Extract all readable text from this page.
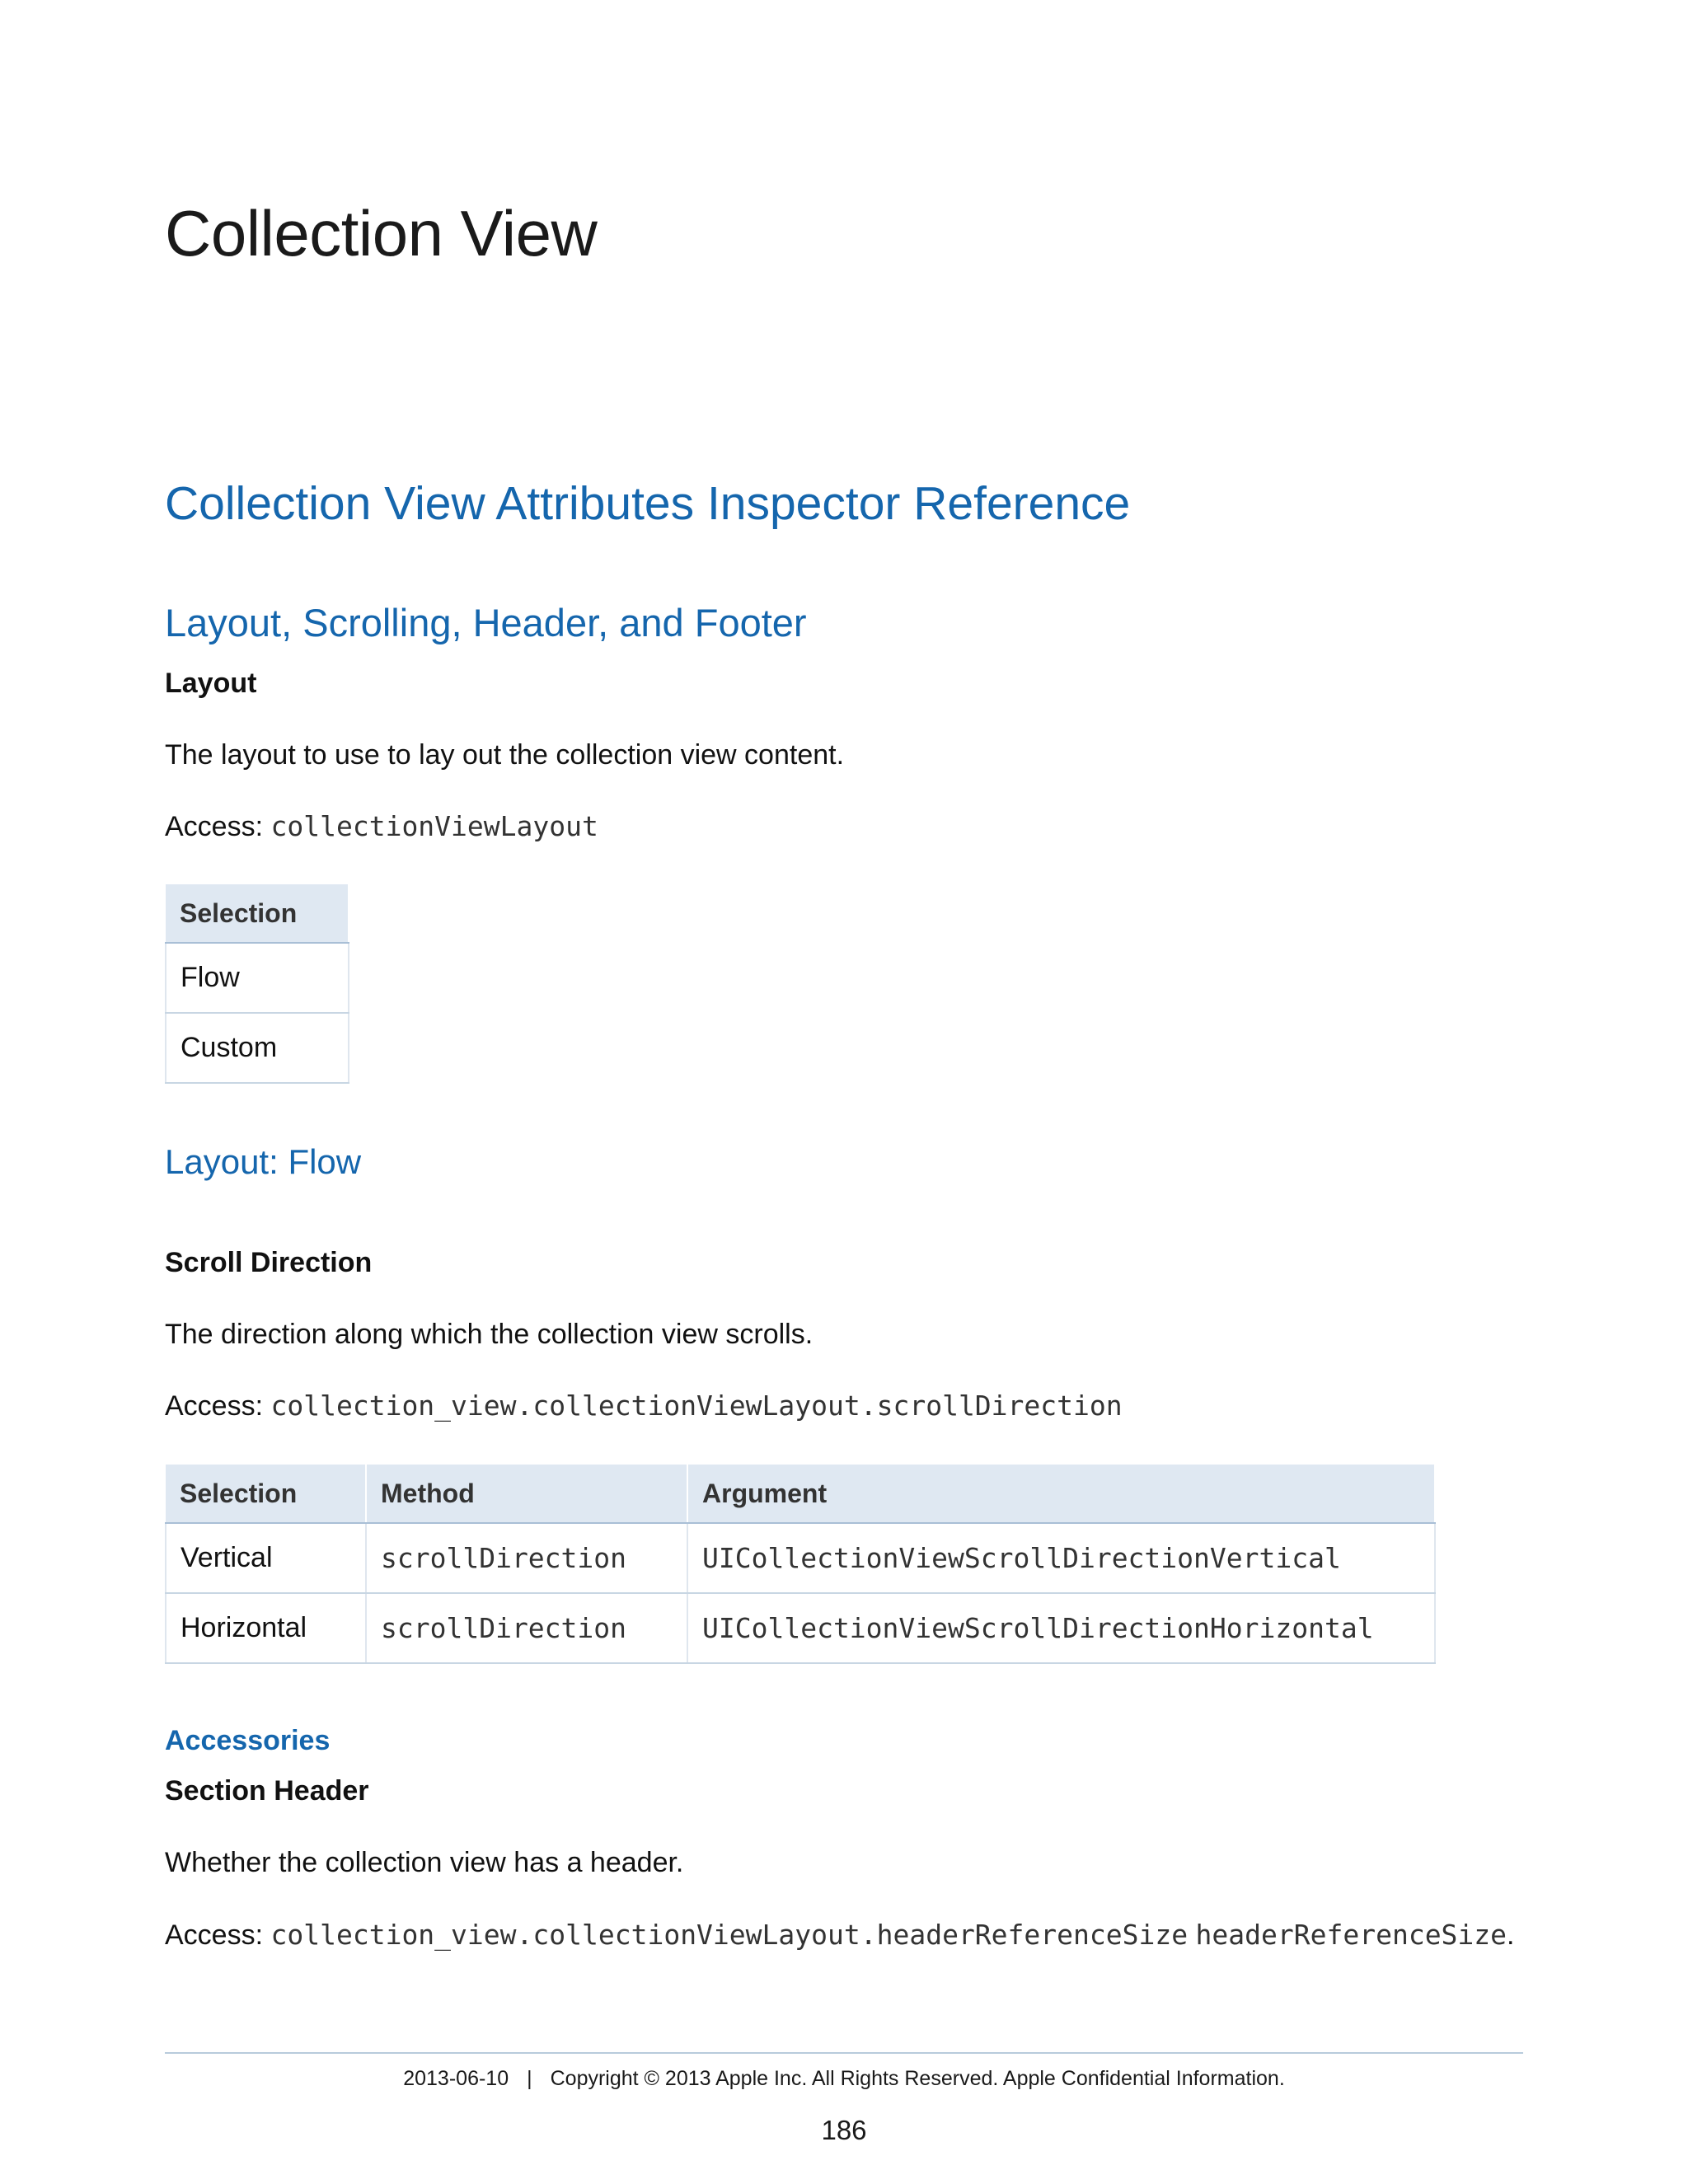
Collection View
Collection View Attributes Inspector Reference
Layout, Scrolling, Header, and Footer
Layout
The layout to use to lay out the collection view content.
Access: collectionViewLayout
Selection
Flow
Custom
Layout: Flow
Scroll Direction
The direction along which the collection view scrolls.
Access: collection_view.collectionViewLayout.scrollDirection
Selection	Method	Argument
Vertical	scrollDirection	UICollectionViewScrollDirectionVertical
Horizontal	scrollDirection	UICollectionViewScrollDirectionHorizontal
Accessories
Section Header
Whether the collection view has a header.
Access: collection_view.collectionViewLayout.headerReferenceSize headerReferenceSize.
2013-06-10 | Copyright © 2013 Apple Inc. All Rights Reserved. Apple Confidential Information.
186
